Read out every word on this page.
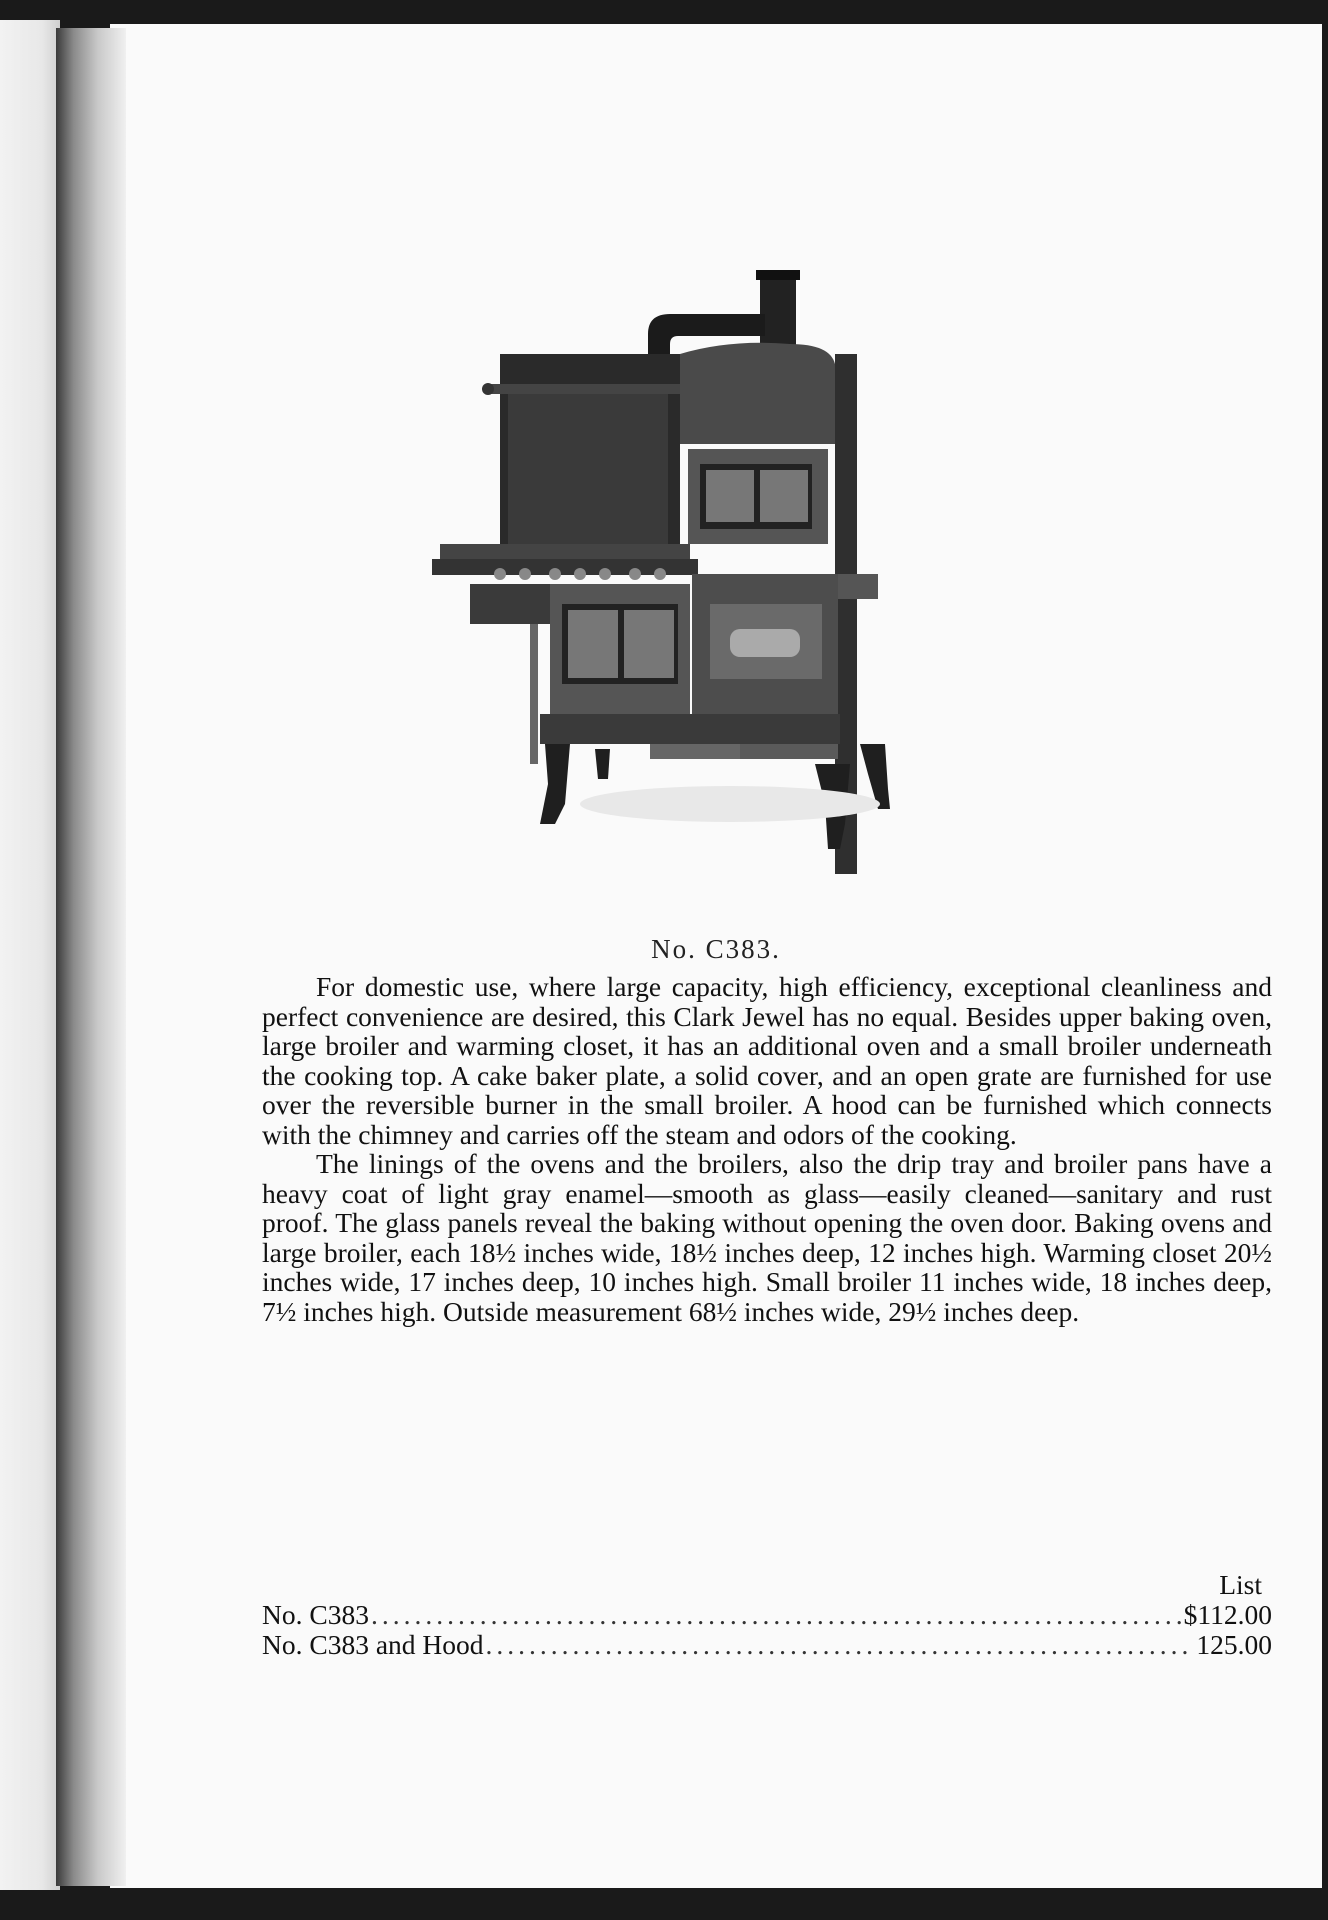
No. C383.

For domestic use, where large capacity, high efficiency, exceptional cleanliness and perfect convenience are desired, this Clark Jewel has no equal. Besides upper baking oven, large broiler and warming closet, it has an additional oven and a small broiler underneath the cooking top. A cake baker plate, a solid cover, and an open grate are furnished for use over the reversible burner in the small broiler. A hood can be furnished which connects with the chimney and carries off the steam and odors of the cooking.

The linings of the ovens and the broilers, also the drip tray and broiler pans have a heavy coat of light gray enamel—smooth as glass—easily cleaned—sanitary and rust proof. The glass panels reveal the baking without opening the oven door. Baking ovens and large broiler, each 18½ inches wide, 18½ inches deep, 12 inches high. Warming closet 20½ inches wide, 17 inches deep, 10 inches high. Small broiler 11 inches wide, 18 inches deep, 7½ inches high. Outside measurement 68½ inches wide, 29½ inches deep.

List
No. C383 .....	$112.00
No. C383 and Hood .....	125.00
